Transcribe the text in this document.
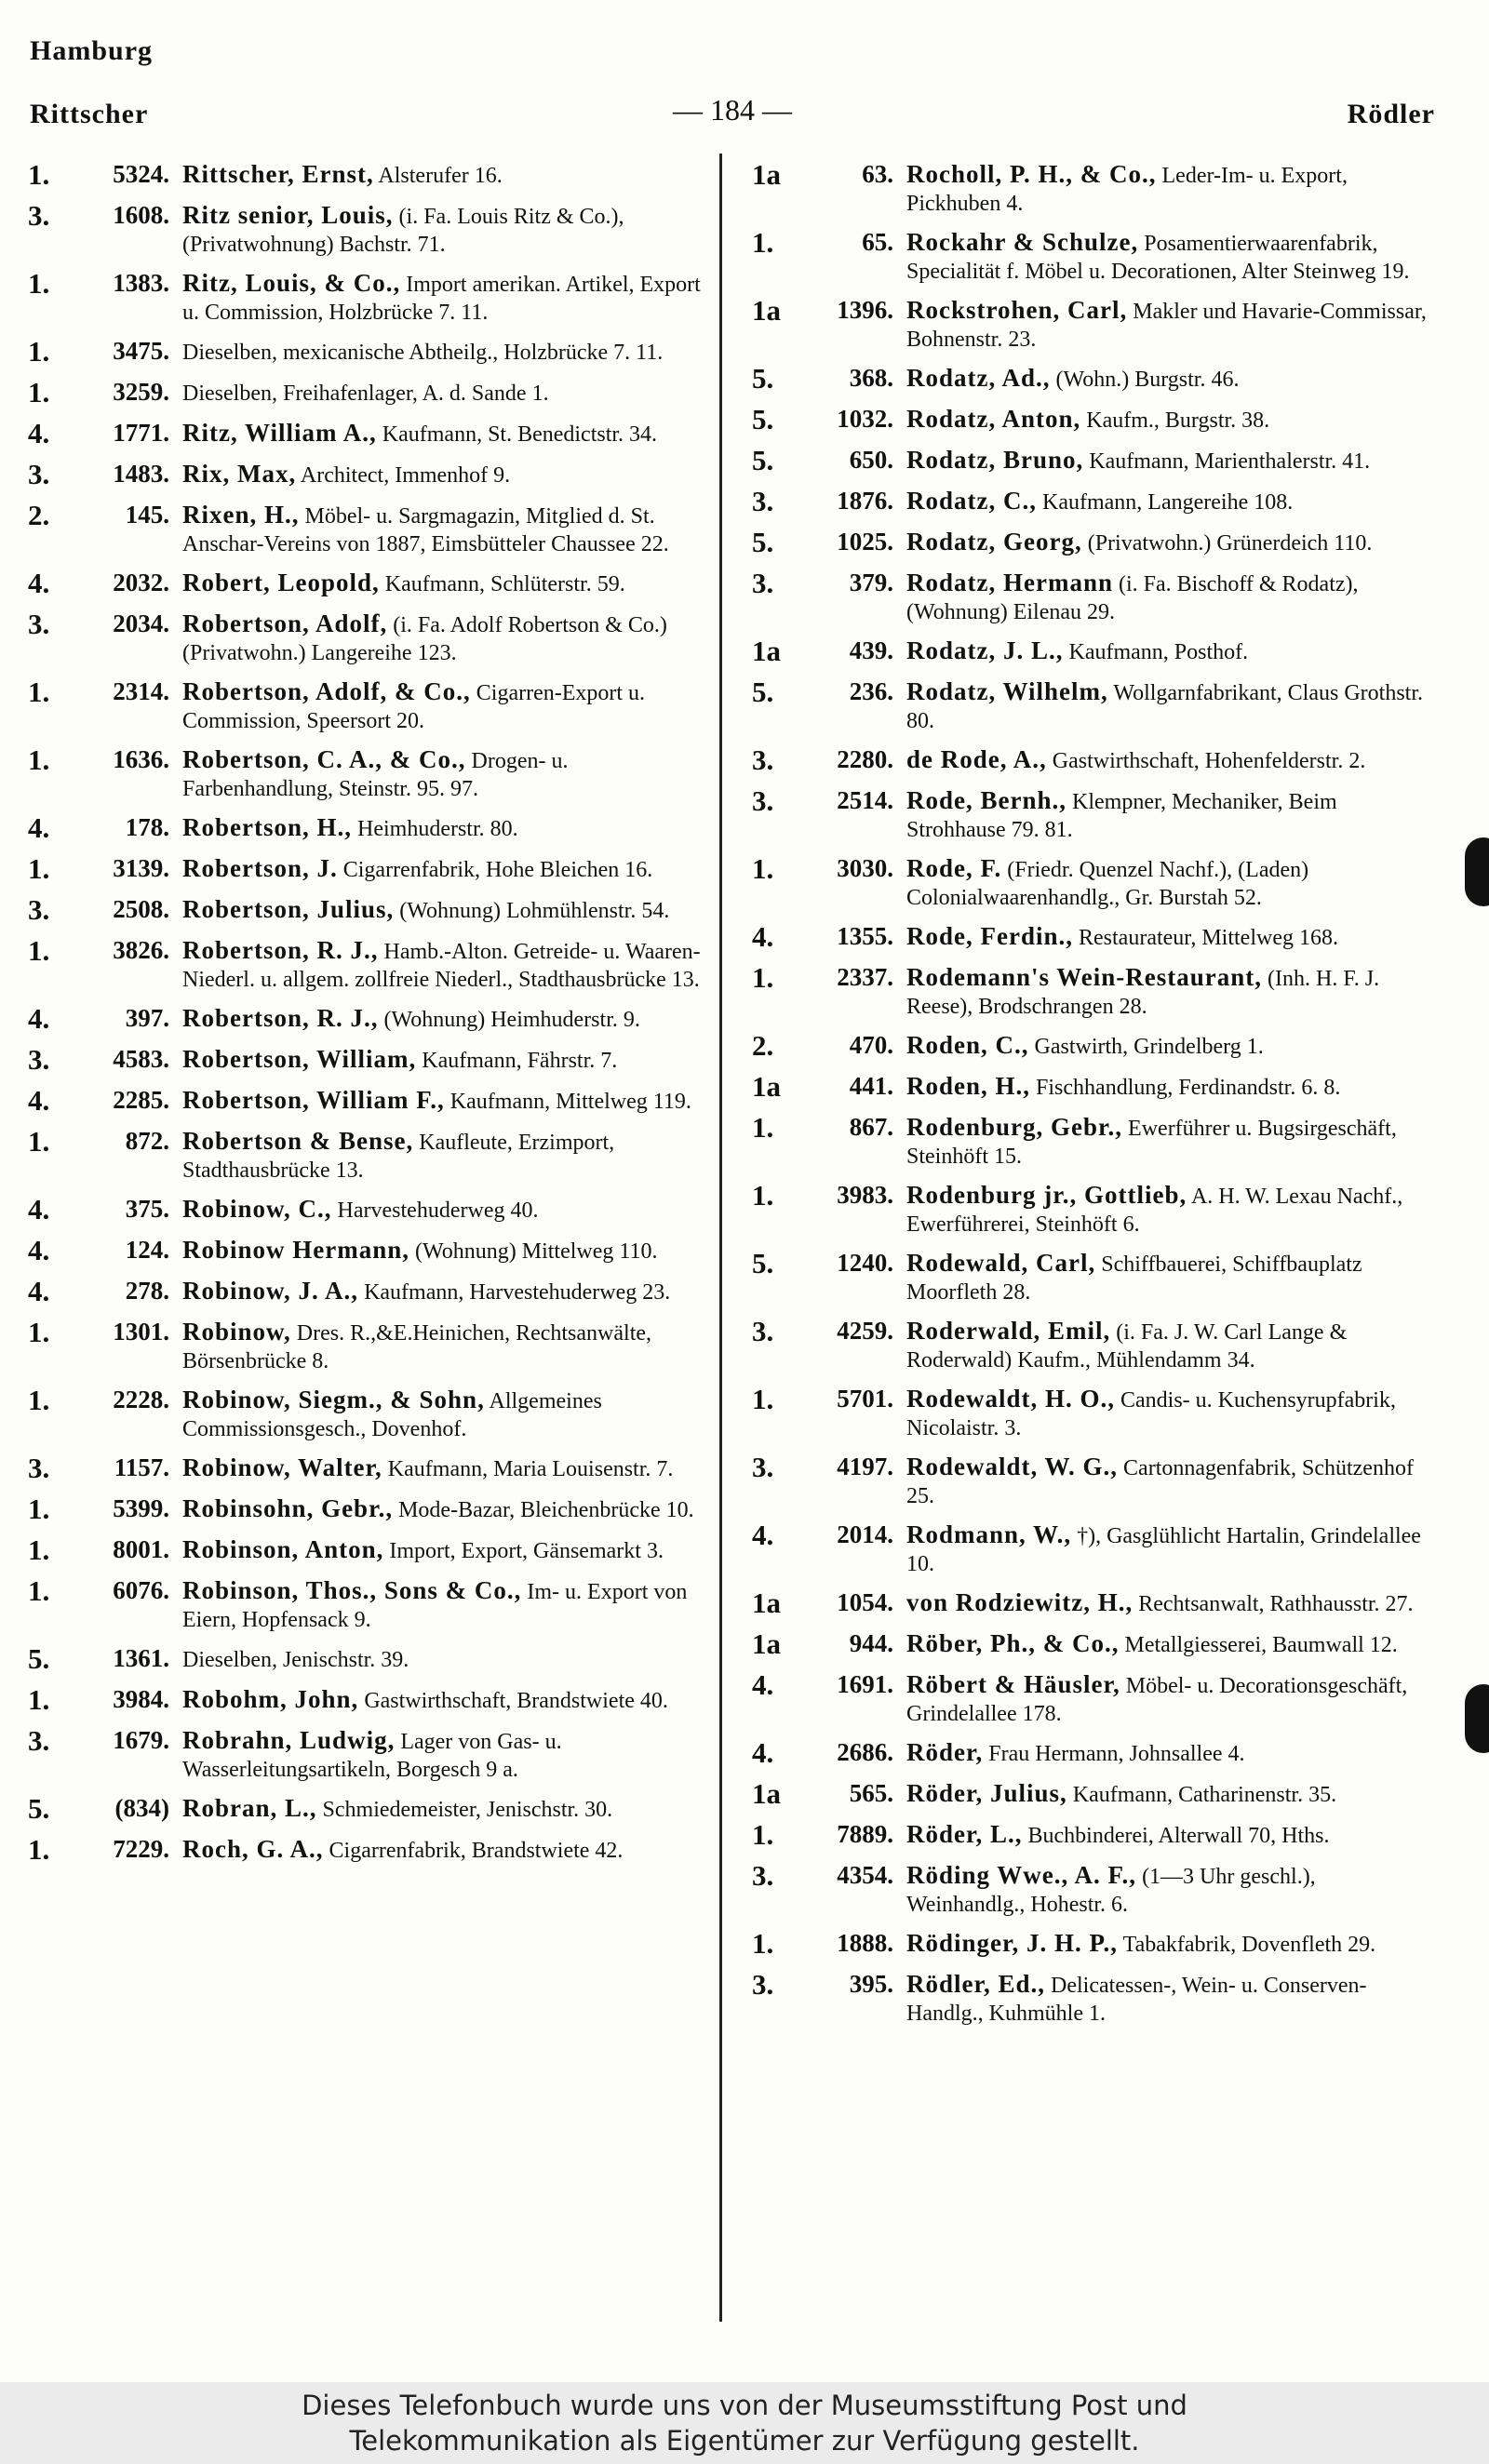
Hamburg
Rittscher	— 184 —	Rödler
1.	5324. Rittscher, Ernst, Alsterufer 16.
3.	1608. Ritz senior, Louis, (i. Fa. Louis Ritz & Co.), (Privatwohnung) Bachstr. 71.
1.	1383. Ritz, Louis, & Co., Import amerikan. Artikel, Export u. Commission, Holzbrücke 7. 11.
1.	3475. Dieselben, mexicanische Abtheilg., Holzbrücke 7. 11.
1.	3259. Dieselben, Freihafenlager, A. d. Sande 1.
4.	1771. Ritz, William A., Kaufmann, St. Benedictstr. 34.
3.	1483. Rix, Max, Architect, Immenhof 9.
2.	145. Rixen, H., Möbel- u. Sargmagazin, Mitglied d. St. Anschar-Vereins von 1887, Eimsbütteler Chaussee 22.
4.	2032. Robert, Leopold, Kaufmann, Schlüterstr. 59.
3.	2034. Robertson, Adolf, (i. Fa. Adolf Robertson & Co.) (Privatwohn.) Langereihe 123.
1.	2314. Robertson, Adolf, & Co., Cigarren-Export u. Commission, Speersort 20.
1.	1636. Robertson, C. A., & Co., Drogen- u. Farbenhandlung, Steinstr. 95. 97.
4.	178. Robertson, H., Heimhuderstr. 80.
1.	3139. Robertson, J. Cigarrenfabrik, Hohe Bleichen 16.
3.	2508. Robertson, Julius, (Wohnung) Lohmühlenstr. 54.
1.	3826. Robertson, R. J., Hamb.-Alton. Getreide- u. Waaren-Niederl. u. allgem. zollfreie Niederl., Stadthausbrücke 13.
4.	397. Robertson, R. J., (Wohnung) Heimhuderstr. 9.
3.	4583. Robertson, William, Kaufmann, Fährstr. 7.
4.	2285. Robertson, William F., Kaufmann, Mittelweg 119.
1.	872. Robertson & Bense, Kaufleute, Erzimport, Stadthausbrücke 13.
4.	375. Robinow, C., Harvestehuderweg 40.
4.	124. Robinow Hermann, (Wohnung) Mittelweg 110.
4.	278. Robinow, J. A., Kaufmann, Harvestehuderweg 23.
1.	1301. Robinow, Dres. R.,&E.Heinichen, Rechtsanwälte, Börsenbrücke 8.
1.	2228. Robinow, Siegm., & Sohn, Allgemeines Commissionsgesch., Dovenhof.
3.	1157. Robinow, Walter, Kaufmann, Maria Louisenstr. 7.
1.	5399. Robinsohn, Gebr., Mode-Bazar, Bleichenbrücke 10.
1.	8001. Robinson, Anton, Import, Export, Gänsemarkt 3.
1.	6076. Robinson, Thos., Sons & Co., Im- u. Export von Eiern, Hopfensack 9.
5.	1361. Dieselben, Jenischstr. 39.
1.	3984. Robohm, John, Gastwirthschaft, Brandstwiete 40.
3.	1679. Robrahn, Ludwig, Lager von Gas- u. Wasserleitungsartikeln, Borgesch 9 a.
5.	(834) Robran, L., Schmiedemeister, Jenischstr. 30.
1.	7229. Roch, G. A., Cigarrenfabrik, Brandstwiete 42.
1a	63. Rocholl, P. H., & Co., Leder-Im- u. Export, Pickhuben 4.
1.	65. Rockahr & Schulze, Posamentierwaarenfabrik, Specialität f. Möbel u. Decorationen, Alter Steinweg 19.
1a	1396. Rockstrohen, Carl, Makler und Havarie-Commissar, Bohnenstr. 23.
5.	368. Rodatz, Ad., (Wohn.) Burgstr. 46.
5.	1032. Rodatz, Anton, Kaufm., Burgstr. 38.
5.	650. Rodatz, Bruno, Kaufmann, Marienthalerstr. 41.
3.	1876. Rodatz, C., Kaufmann, Langereihe 108.
5.	1025. Rodatz, Georg, (Privatwohn.) Grünerdeich 110.
3.	379. Rodatz, Hermann (i. Fa. Bischoff & Rodatz), (Wohnung) Eilenau 29.
1a	439. Rodatz, J. L., Kaufmann, Posthof.
5.	236. Rodatz, Wilhelm, Wollgarnfabrikant, Claus Grothstr. 80.
3.	2280. de Rode, A., Gastwirthschaft, Hohenfelderstr. 2.
3.	2514. Rode, Bernh., Klempner, Mechaniker, Beim Strohhause 79. 81.
1.	3030. Rode, F. (Friedr. Quenzel Nachf.), (Laden) Colonialwaarenhandlg., Gr. Burstah 52.
4.	1355. Rode, Ferdin., Restaurateur, Mittelweg 168.
1.	2337. Rodemann's Wein-Restaurant, (Inh. H. F. J. Reese), Brodschrangen 28.
2.	470. Roden, C., Gastwirth, Grindelberg 1.
1a	441. Roden, H., Fischhandlung, Ferdinandstr. 6. 8.
1.	867. Rodenburg, Gebr., Ewerführer u. Bugsirgeschäft, Steinhöft 15.
1.	3983. Rodenburg jr., Gottlieb, A. H. W. Lexau Nachf., Ewerführerei, Steinhöft 6.
5.	1240. Rodewald, Carl, Schiffbauerei, Schiffbauplatz Moorfleth 28.
3.	4259. Roderwald, Emil, (i. Fa. J. W. Carl Lange & Roderwald) Kaufm., Mühlendamm 34.
1.	5701. Rodewaldt, H. O., Candis- u. Kuchensyrupfabrik, Nicolaistr. 3.
3.	4197. Rodewaldt, W. G., Cartonnagenfabrik, Schützenhof 25.
4.	2014. Rodmann, W., †), Gasglühlicht Hartalin, Grindelallee 10.
1a	1054. von Rodziewitz, H., Rechtsanwalt, Rathhausstr. 27.
1a	944. Röber, Ph., & Co., Metallgiesserei, Baumwall 12.
4.	1691. Röbert & Häusler, Möbel- u. Decorationsgeschäft, Grindelallee 178.
4.	2686. Röder, Frau Hermann, Johnsallee 4.
1a	565. Röder, Julius, Kaufmann, Catharinenstr. 35.
1.	7889. Röder, L., Buchbinderei, Alterwall 70, Hths.
3.	4354. Röding Wwe., A. F., (1—3 Uhr geschl.), Weinhandlg., Hohestr. 6.
1.	1888. Rödinger, J. H. P., Tabakfabrik, Dovenfleth 29.
3.	395. Rödler, Ed., Delicatessen-, Wein- u. Conserven-Handlg., Kuhmühle 1.
Dieses Telefonbuch wurde uns von der Museumsstiftung Post und
Telekommunikation als Eigentümer zur Verfügung gestellt.
